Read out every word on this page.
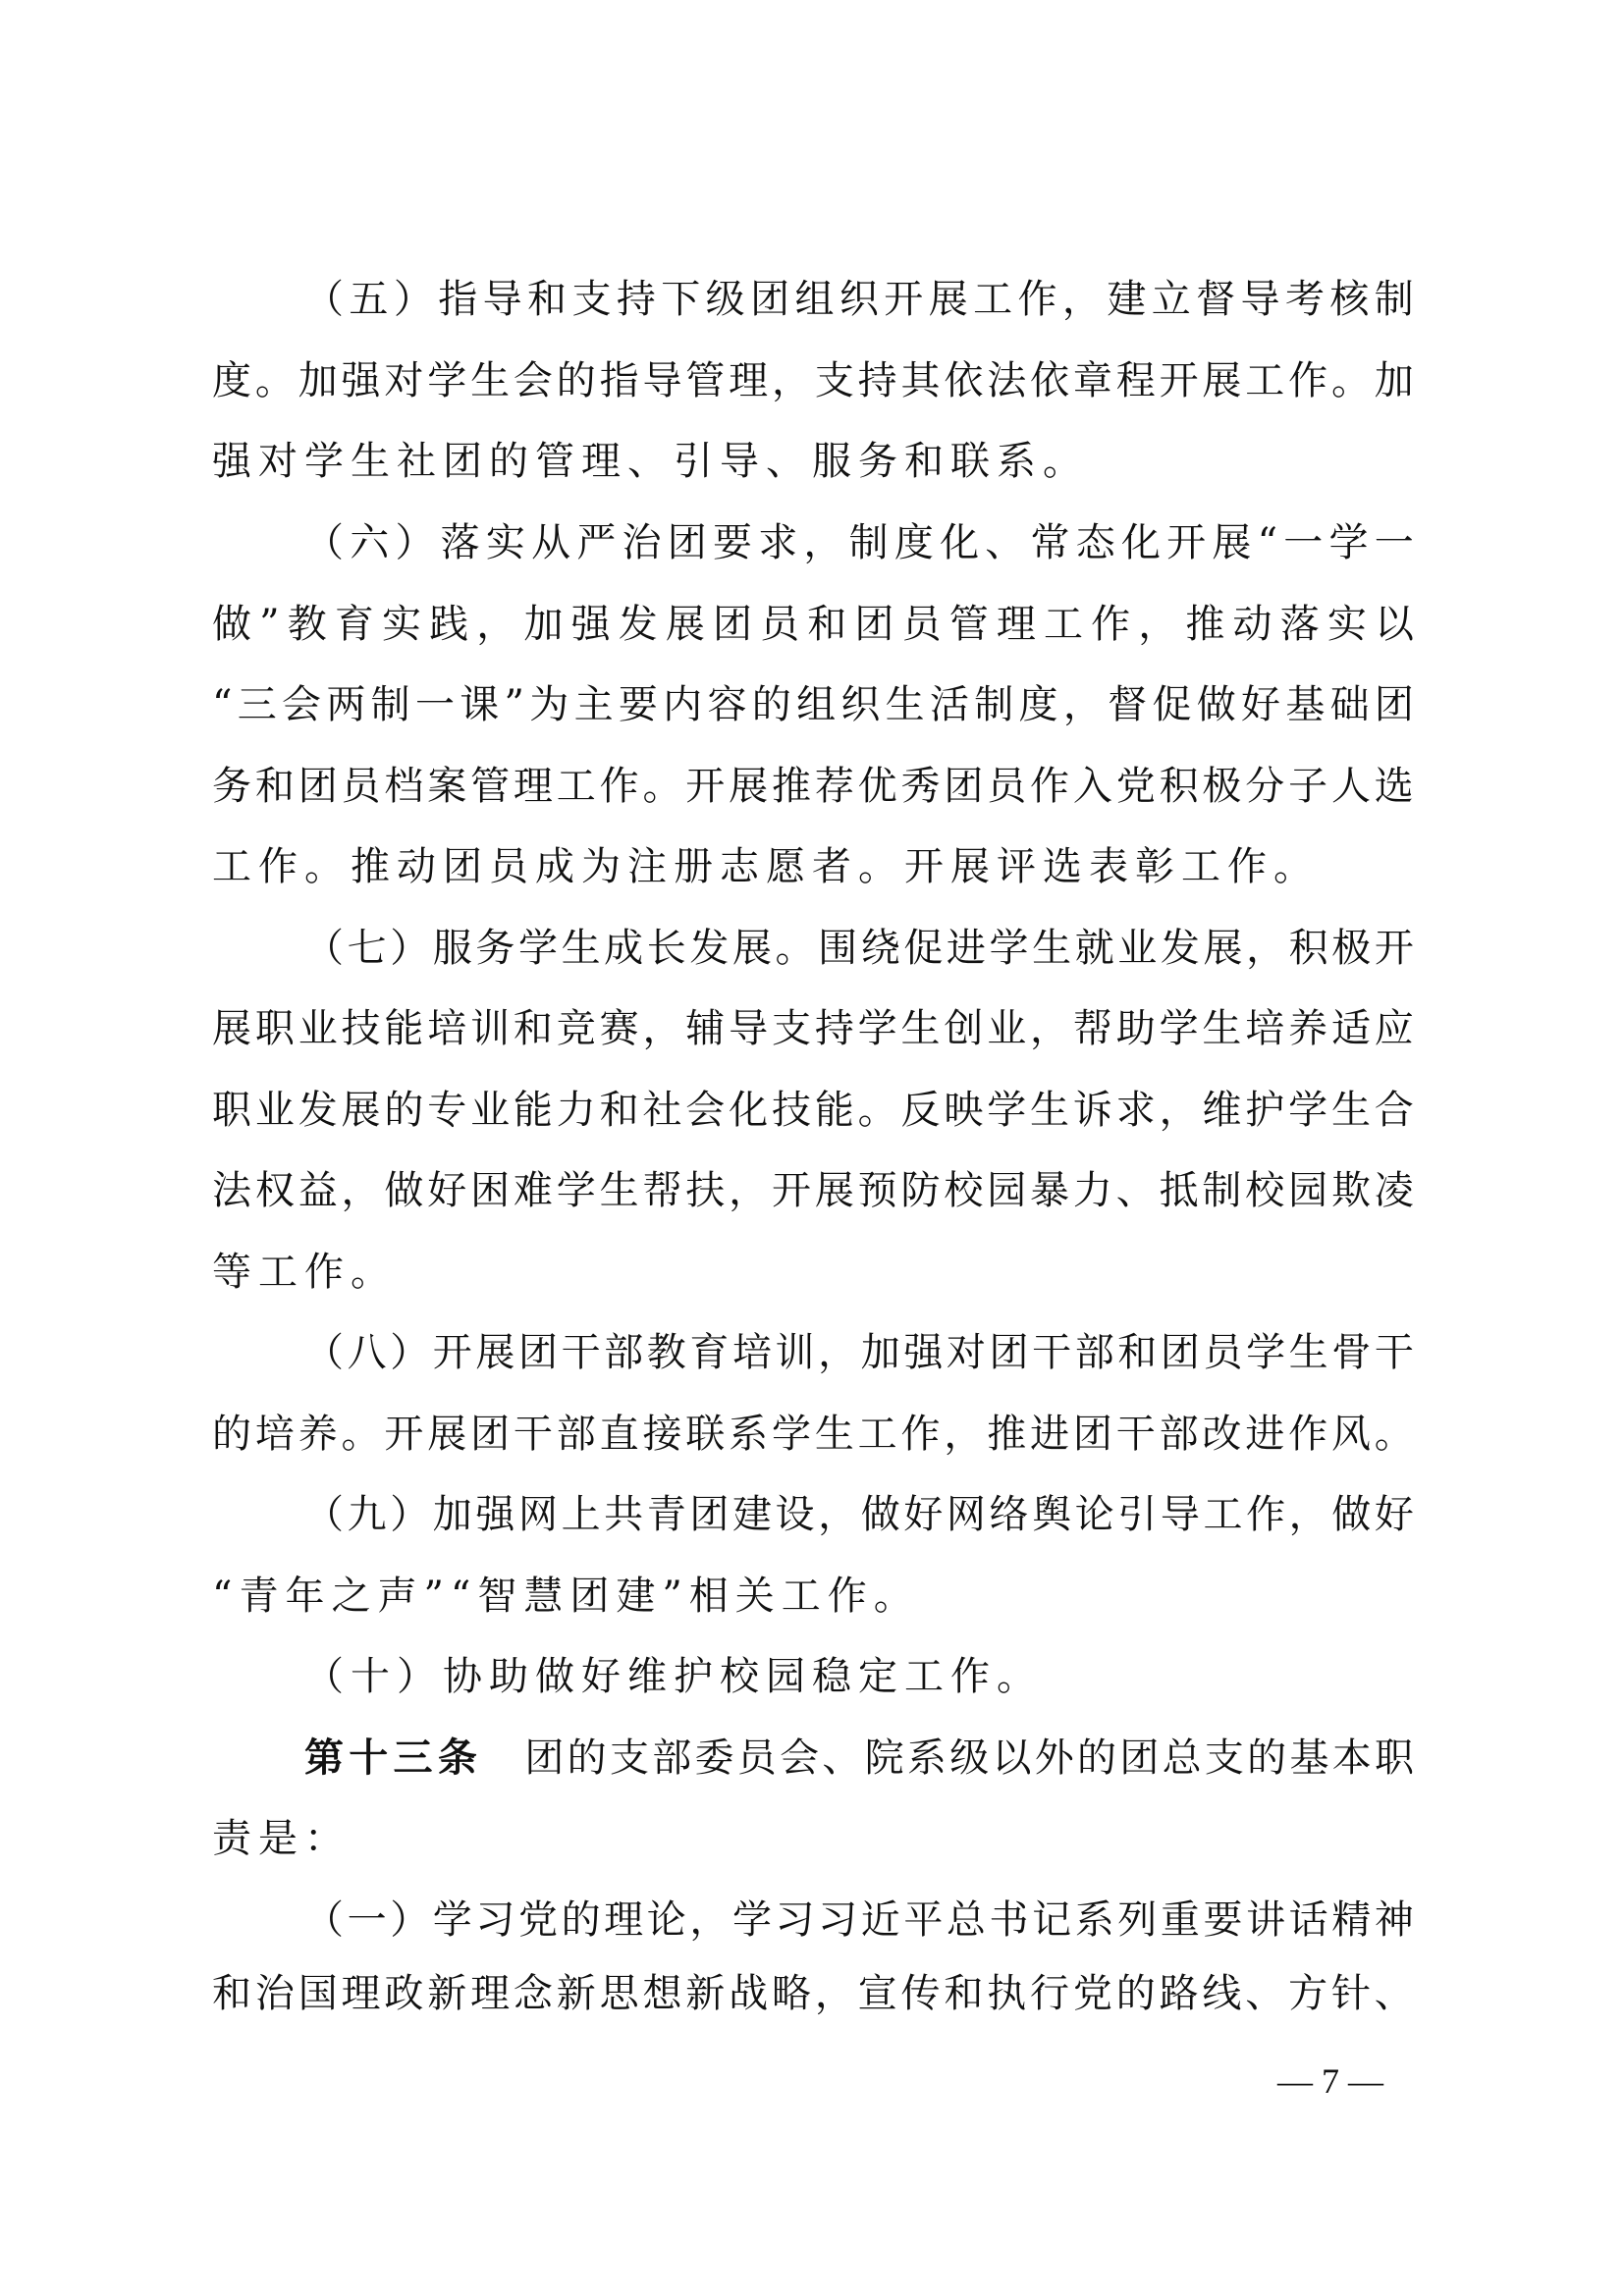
（ 五 ） 指 导 和 支 持 下 级 团 组 织 开 展 工 作 ， 建 立 督 导 考 核 制
度 。 加 强 对 学 生 会 的 指 导 管 理 ， 支 持 其 依 法 依 章 程 开 展 工 作 。 加
强对学生社团的管理、引导、服务和联系。
（ 六 ） 落 实 从 严 治 团 要 求 ， 制 度 化 、 常 态 化 开 展 “ 一 学 一
做 ” 教 育 实 践 ， 加 强 发 展 团 员 和 团 员 管 理 工 作 ， 推 动 落 实 以
“ 三 会 两 制 一 课 ” 为 主 要 内 容 的 组 织 生 活 制 度 ， 督 促 做 好 基 础 团
务 和 团 员 档 案 管 理 工 作 。 开 展 推 荐 优 秀 团 员 作 入 党 积 极 分 子 人 选
工作。推动团员成为注册志愿者。开展评选表彰工作。
（ 七 ） 服 务 学 生 成 长 发 展 。 围 绕 促 进 学 生 就 业 发 展 ， 积 极 开
展 职 业 技 能 培 训 和 竞 赛 ， 辅 导 支 持 学 生 创 业 ， 帮 助 学 生 培 养 适 应
职 业 发 展 的 专 业 能 力 和 社 会 化 技 能 。 反 映 学 生 诉 求 ， 维 护 学 生 合
法 权 益 ， 做 好 困 难 学 生 帮 扶 ， 开 展 预 防 校 园 暴 力 、 抵 制 校 园 欺 凌
等工作。
（ 八 ） 开 展 团 干 部 教 育 培 训 ， 加 强 对 团 干 部 和 团 员 学 生 骨 干
的 培 养 。 开 展 团 干 部 直 接 联 系 学 生 工 作 ， 推 进 团 干 部 改 进 作 风 。
（ 九 ） 加 强 网 上 共 青 团 建 设 ， 做 好 网 络 舆 论 引 导 工 作 ， 做 好
“青年之声”“智慧团建”相关工作。
（十）协助做好维护校园稳定工作。
第十三条 团的支部委员会、院系级以外的团总支的基本职
责是：
（ 一 ） 学 习 党 的 理 论 ， 学 习 习 近 平 总 书 记 系 列 重 要 讲 话 精 神
和 治 国 理 政 新 理 念 新 思 想 新 战 略 ， 宣 传 和 执 行 党 的 路 线 、 方 针 、
— 7 —
